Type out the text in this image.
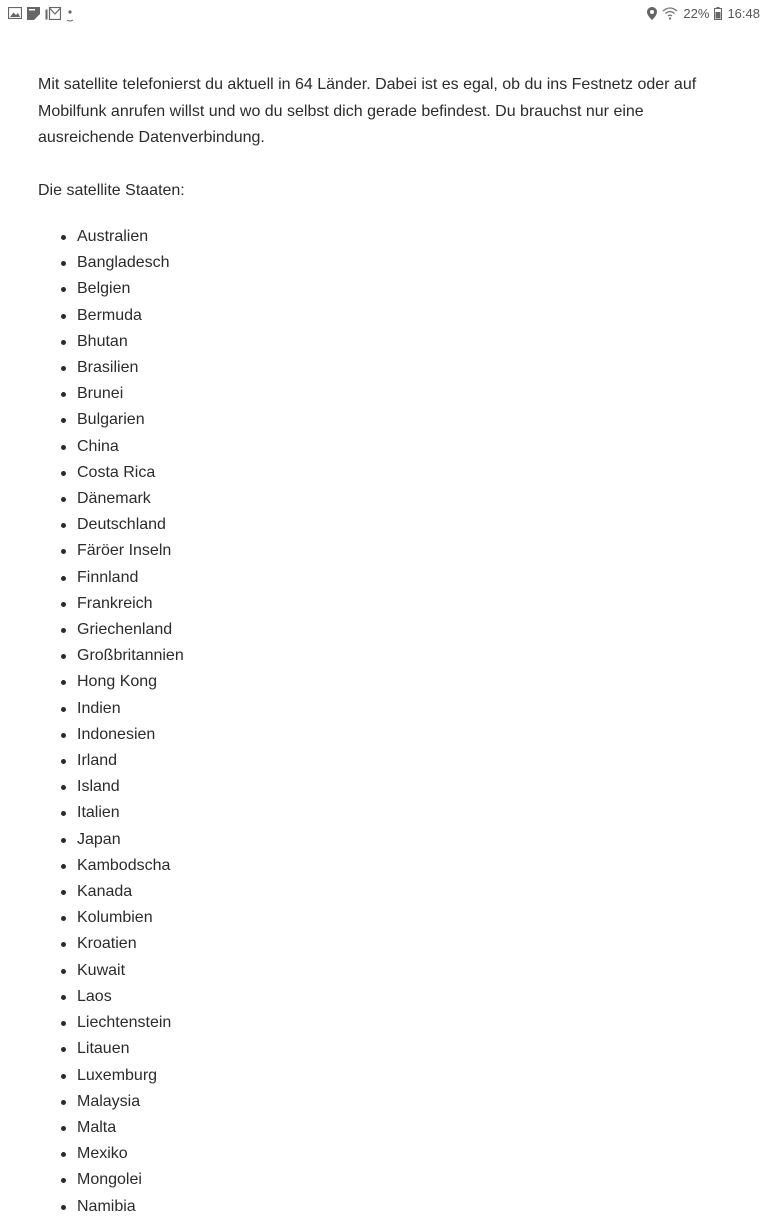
22% 16:48

Mit satellite telefonierst du aktuell in 64 Länder. Dabei ist es egal, ob du ins Festnetz oder auf Mobilfunk anrufen willst und wo du selbst dich gerade befindest. Du brauchst nur eine ausreichende Datenverbindung.

Die satellite Staaten:

Australien
Bangladesch
Belgien
Bermuda
Bhutan
Brasilien
Brunei
Bulgarien
China
Costa Rica
Dänemark
Deutschland
Färöer Inseln
Finnland
Frankreich
Griechenland
Großbritannien
Hong Kong
Indien
Indonesien
Irland
Island
Italien
Japan
Kambodscha
Kanada
Kolumbien
Kroatien
Kuwait
Laos
Liechtenstein
Litauen
Luxemburg
Malaysia
Malta
Mexiko
Mongolei
Namibia
